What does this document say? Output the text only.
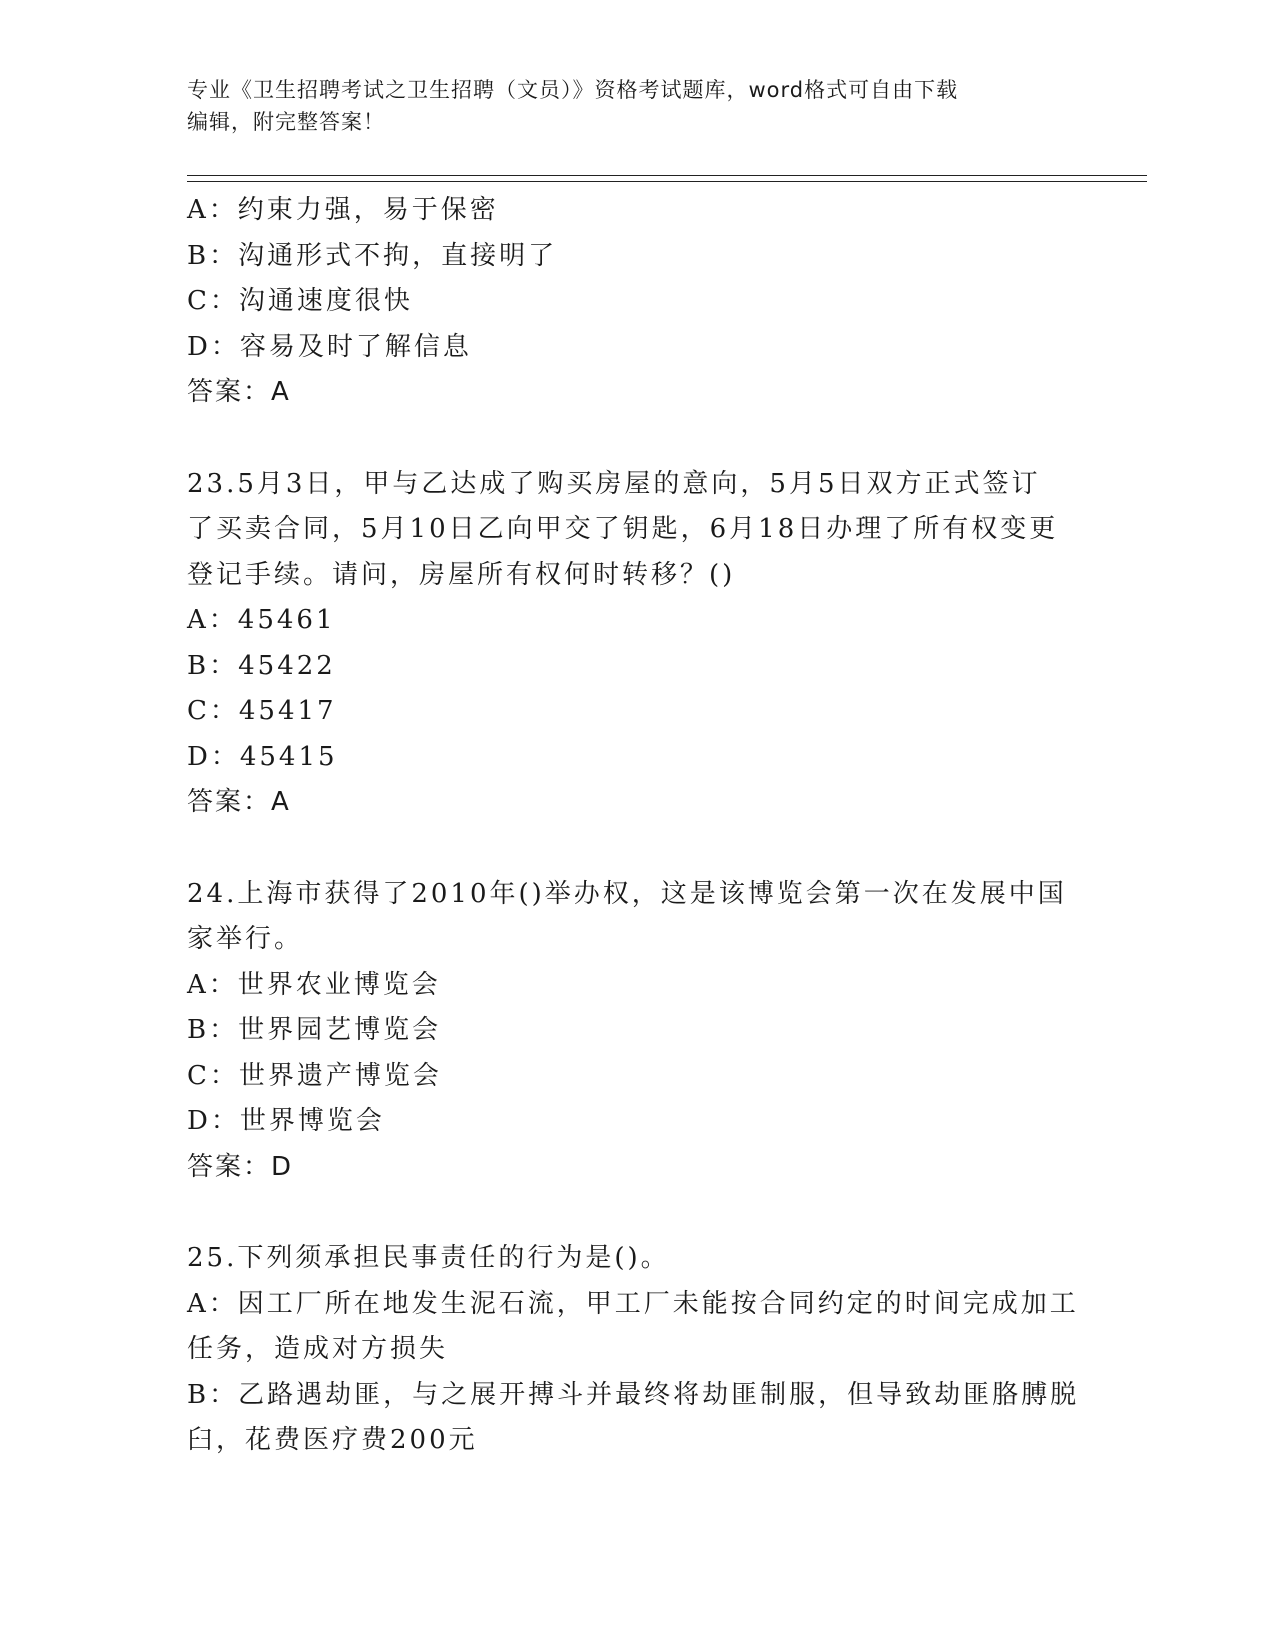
专业《卫生招聘考试之卫生招聘（文员）》资格考试题库，word格式可自由下载
编辑，附完整答案！
A：约束力强，易于保密
B：沟通形式不拘，直接明了
C：沟通速度很快
D：容易及时了解信息
答案：A
23.5月3日，甲与乙达成了购买房屋的意向，5月5日双方正式签订
了买卖合同，5月10日乙向甲交了钥匙，6月18日办理了所有权变更
登记手续。请问，房屋所有权何时转移？()
A：45461
B：45422
C：45417
D：45415
答案：A
24.上海市获得了2010年()举办权，这是该博览会第一次在发展中国
家举行。
A：世界农业博览会
B：世界园艺博览会
C：世界遗产博览会
D：世界博览会
答案：D
25.下列须承担民事责任的行为是()。
A：因工厂所在地发生泥石流，甲工厂未能按合同约定的时间完成加工
任务，造成对方损失
B：乙路遇劫匪，与之展开搏斗并最终将劫匪制服，但导致劫匪胳膊脱
臼，花费医疗费200元
